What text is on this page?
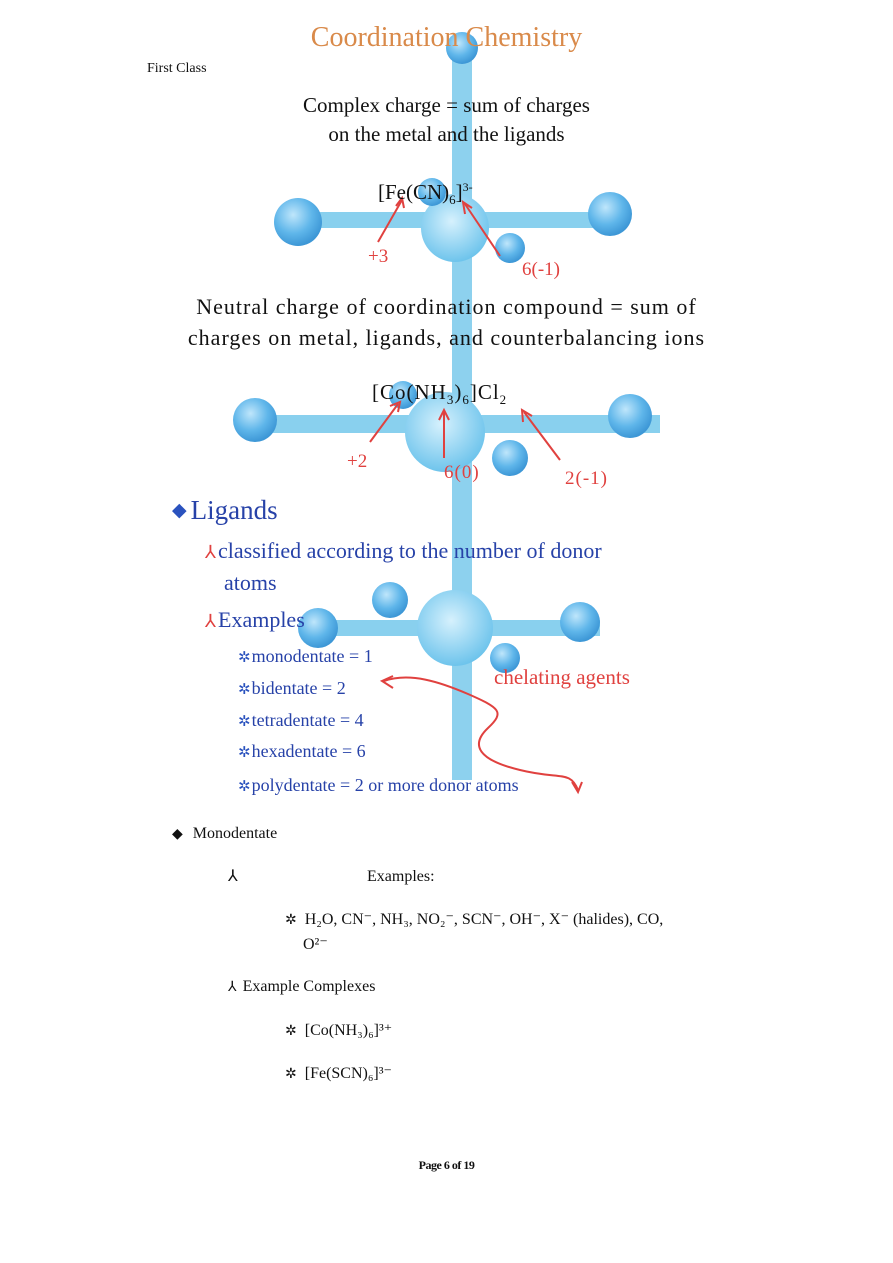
Coordination Chemistry
First Class
Complex charge = sum of charges
on the metal and the ligands
$[Fe(CN)_6]^{3-}$
+3
6(-1)
Neutral charge of coordination compound = sum of
charges on metal, ligands, and counterbalancing ions
$[Co(NH_3)_6]Cl_2$
+2
6(0)	2(-1)
◆ Ligands
⅄classified according to the number of donor
atoms
⅄Examples
✲monodentate = 1
✲bidentate = 2
✲tetradentate = 4
✲hexadentate = 6
✲polydentate = 2 or more donor atoms
chelating agents
◆ Monodentate
⅄	Examples:
✲ H₂O, CN⁻, NH₃, NO₂⁻, SCN⁻, OH⁻, X⁻ (halides), CO,
O²⁻
⅄ Example Complexes
✲ [Co(NH₃)₆]³⁺
✲ [Fe(SCN)₆]³⁻
Page 6 of 19
